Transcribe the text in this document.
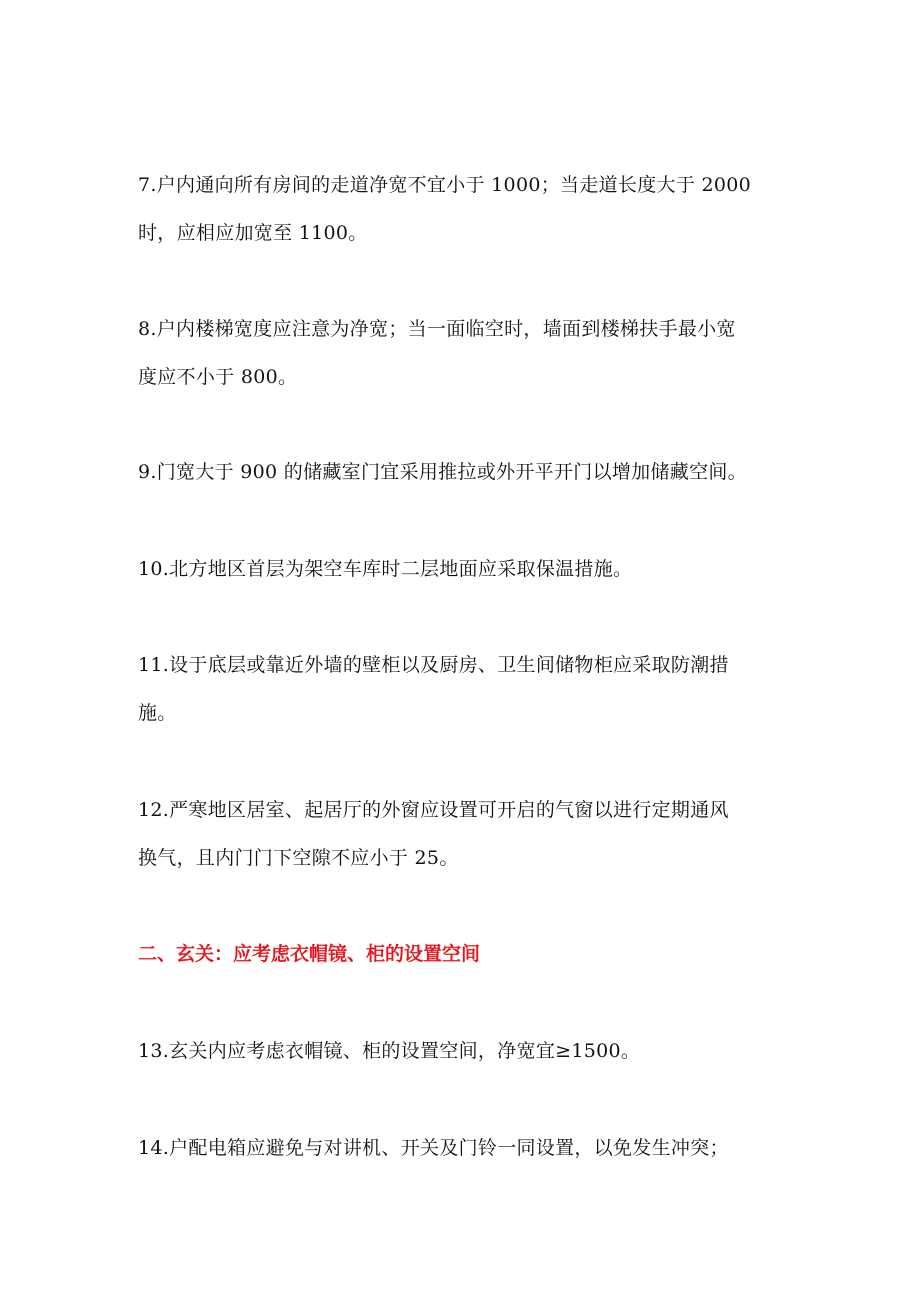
7.户内通向所有房间的走道净宽不宜小于 1000；当走道长度大于 2000
时，应相应加宽至 1100。

8.户内楼梯宽度应注意为净宽；当一面临空时，墙面到楼梯扶手最小宽
度应不小于 800。

9.门宽大于 900 的储藏室门宜采用推拉或外开平开门以增加储藏空间。

10.北方地区首层为架空车库时二层地面应采取保温措施。

11.设于底层或靠近外墙的壁柜以及厨房、卫生间储物柜应采取防潮措
施。

12.严寒地区居室、起居厅的外窗应设置可开启的气窗以进行定期通风
换气，且内门门下空隙不应小于 25。

二、玄关：应考虑衣帽镜、柜的设置空间

13.玄关内应考虑衣帽镜、柜的设置空间，净宽宜≥1500。

14.户配电箱应避免与对讲机、开关及门铃一同设置，以免发生冲突；
